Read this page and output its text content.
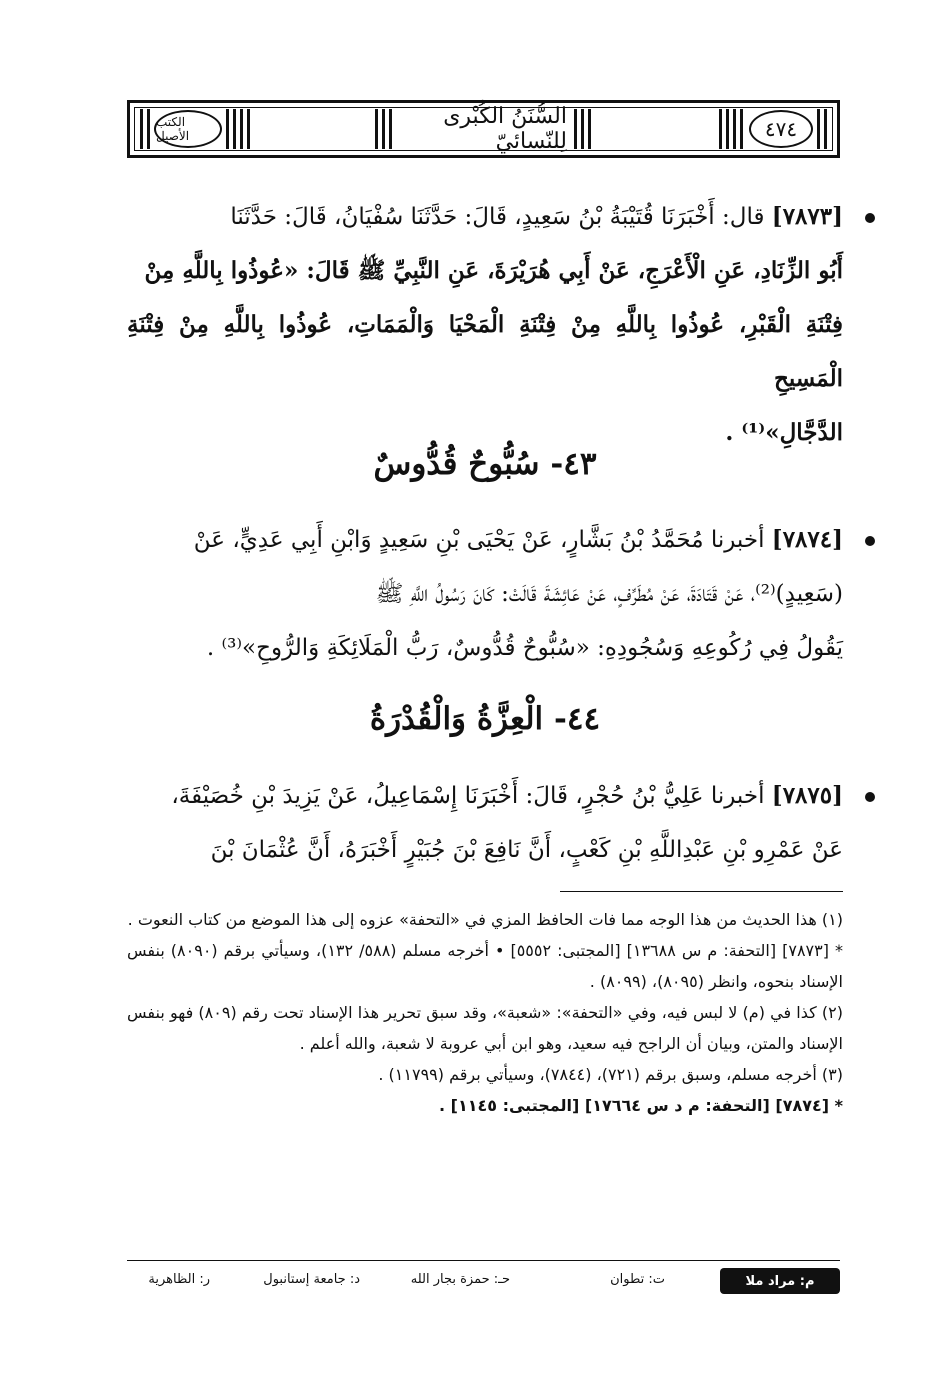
الكتب الأصيل
السُّنَنُ الكُبْرى لِلنّسائيّ	٤٧٤
[٧٨٧٣] قال: أَخْبَرَنَا قُتَيْبَةُ بْنُ سَعِيدٍ، قَالَ: حَدَّثَنَا سُفْيَانُ، قَالَ: حَدَّثَنَا
أَبُو الزِّنَادِ، عَنِ الْأَعْرَجِ، عَنْ أَبِي هُرَيْرَةَ، عَنِ النَّبِيِّ ﷺ قَالَ: «عُوذُوا بِاللَّهِ مِنْ
فِتْنَةِ الْقَبْرِ، عُوذُوا بِاللَّهِ مِنْ فِتْنَةِ الْمَحْيَا وَالْمَمَاتِ، عُوذُوا بِاللَّهِ مِنْ فِتْنَةِ الْمَسِيحِ
الدَّجَّالِ»⁽¹⁾ .
٤٣- سُبُّوحٌ قُدُّوسٌ
[٧٨٧٤] أخبرنا مُحَمَّدُ بْنُ بَشَّارٍ، عَنْ يَحْيَى بْنِ سَعِيدٍ وَابْنِ أَبِي عَدِيٍّ، عَنْ
(سَعِيدٍ)⁽²⁾، عَنْ قَتَادَةَ، عَنْ مُطَرِّفٍ، عَنْ عَائِشَةَ قَالَتْ: كَانَ رَسُولُ اللَّهِ ﷺ
يَقُولُ فِي رُكُوعِهِ وَسُجُودِهِ: «سُبُّوحٌ قُدُّوسٌ، رَبُّ الْمَلَائِكَةِ وَالرُّوحِ»⁽³⁾ .
٤٤- الْعِزَّةُ وَالْقُدْرَةُ
[٧٨٧٥] أخبرنا عَلِيُّ بْنُ حُجْرٍ، قَالَ: أَخْبَرَنَا إِسْمَاعِيلُ، عَنْ يَزِيدَ بْنِ خُصَيْفَةَ،
عَنْ عَمْرِو بْنِ عَبْدِاللَّهِ بْنِ كَعْبٍ، أَنَّ نَافِعَ بْنَ جُبَيْرٍ أَخْبَرَهُ، أَنَّ عُثْمَانَ بْنَ

(١) هذا الحديث من هذا الوجه مما فات الحافظ المزي في «التحفة» عزوه إلى هذا الموضع من كتاب النعوت .

* [٧٨٧٣] [التحفة: م س ١٣٦٨٨] [المجتبى: ٥٥٥٢] • أخرجه مسلم (٥٨٨/ ١٣٢)، وسيأتي برقم (٨٠٩٠) بنفس الإسناد بنحوه، وانظر (٨٠٩٥)، (٨٠٩٩) .

(٢) كذا في (م) لا لبس فيه، وفي «التحفة»: «شعبة»، وقد سبق تحرير هذا الإسناد تحت رقم (٨٠٩) فهو بنفس الإسناد والمتن، وبيان أن الراجح فيه سعيد، وهو ابن أبي عروبة لا شعبة، والله أعلم .

(٣) أخرجه مسلم، وسبق برقم (٧٢١)، (٧٨٤٤)، وسيأتي برقم (١١٧٩٩) .

* [٧٨٧٤] [التحفة: م د س ١٧٦٦٤] [المجتبى: ١١٤٥] .

م: مراد ملا
ت: تطوان
حـ: حمزة بجار الله
د: جامعة إستانبول
ر: الظاهرية
